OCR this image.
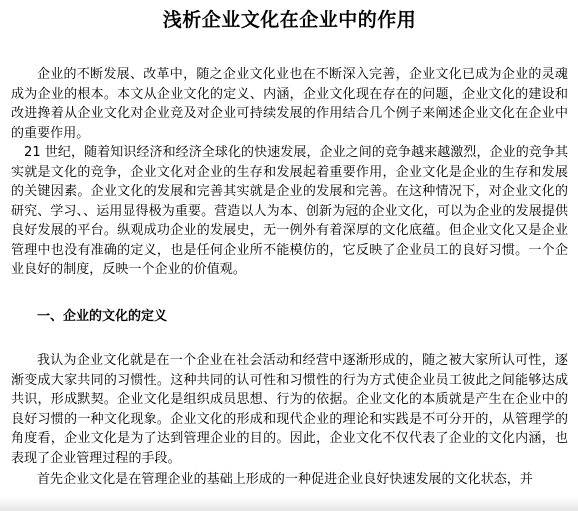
浅析企业文化在企业中的作用

企业的不断发展、改革中，随之企业文化业也在不断深入完善，企业文化已成为企业的灵魂成为企业的根本。本文从企业文化的定义、内涵，企业文化现在存在的问题，企业文化的建设和改进搀着从企业文化对企业竞及对企业可持续发展的作用结合几个例子来阐述企业文化在企业中的重要作用。

21 世纪，随着知识经济和经济全球化的快速发展，企业之间的竞争越来越激烈，企业的竞争其实就是文化的竞争，企业文化对企业的生存和发展起着重要作用，企业文化是企业的生存和发展的关键因素。企业文化的发展和完善其实就是企业的发展和完善。在这种情况下，对企业文化的研究、学习、、运用显得极为重要。营造以人为本、创新为冠的企业文化，可以为企业的发展提供良好发展的平台。纵观成功企业的发展史，无一例外有着深厚的文化底蕴。但企业文化又是企业管理中也没有准确的定义，也是任何企业所不能模仿的，它反映了企业员工的良好习惯。一个企业良好的制度，反映一个企业的价值观。

一、企业的文化的定义

我认为企业文化就是在一个企业在社会活动和经营中逐渐形成的，随之被大家所认可性，逐渐变成大家共同的习惯性。这种共同的认可性和习惯性的行为方式使企业员工彼此之间能够达成共识，形成默契。企业文化是组织成员思想、行为的依据。企业文化的本质就是产生在企业中的良好习惯的一种文化现象。企业文化的形成和现代企业的理论和实践是不可分开的，从管理学的角度看，企业文化是为了达到管理企业的目的。因此，企业文化不仅代表了企业的文化内涵，也表现了企业管理过程的手段。

首先企业文化是在管理企业的基础上形成的一种促进企业良好快速发展的文化状态，并
